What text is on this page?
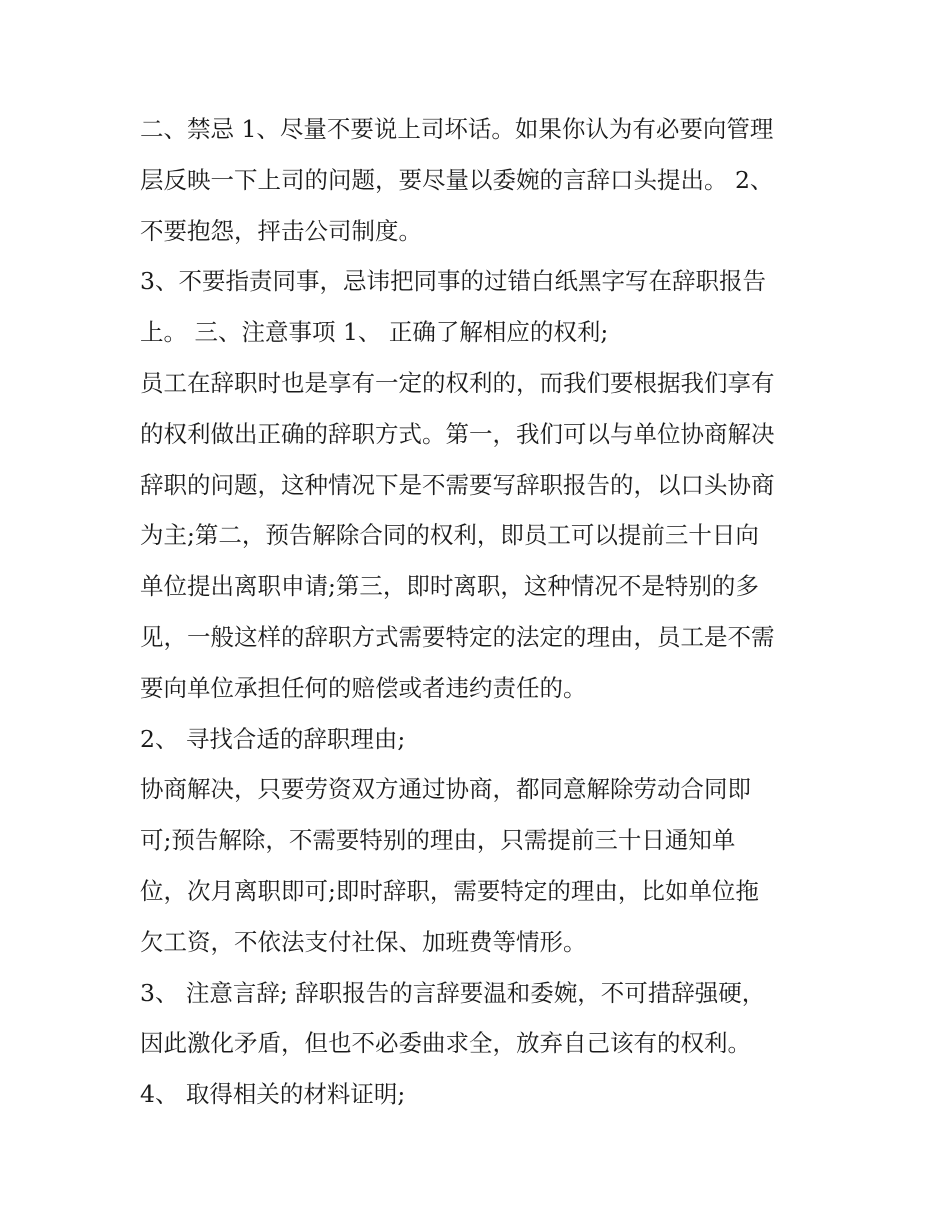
二、禁忌 1、尽量不要说上司坏话。如果你认为有必要向管理
层反映一下上司的问题，要尽量以委婉的言辞口头提出。 2、
不要抱怨，抨击公司制度。
3、不要指责同事，忌讳把同事的过错白纸黑字写在辞职报告
上。 三、注意事项 1、 正确了解相应的权利;
员工在辞职时也是享有一定的权利的，而我们要根据我们享有
的权利做出正确的辞职方式。第一，我们可以与单位协商解决
辞职的问题，这种情况下是不需要写辞职报告的，以口头协商
为主;第二，预告解除合同的权利，即员工可以提前三十日向
单位提出离职申请;第三，即时离职，这种情况不是特别的多
见，一般这样的辞职方式需要特定的法定的理由，员工是不需
要向单位承担任何的赔偿或者违约责任的。
2、 寻找合适的辞职理由;
协商解决，只要劳资双方通过协商，都同意解除劳动合同即
可;预告解除，不需要特别的理由，只需提前三十日通知单
位，次月离职即可;即时辞职，需要特定的理由，比如单位拖
欠工资，不依法支付社保、加班费等情形。
3、 注意言辞; 辞职报告的言辞要温和委婉，不可措辞强硬，
因此激化矛盾，但也不必委曲求全，放弃自己该有的权利。
4、 取得相关的材料证明;
